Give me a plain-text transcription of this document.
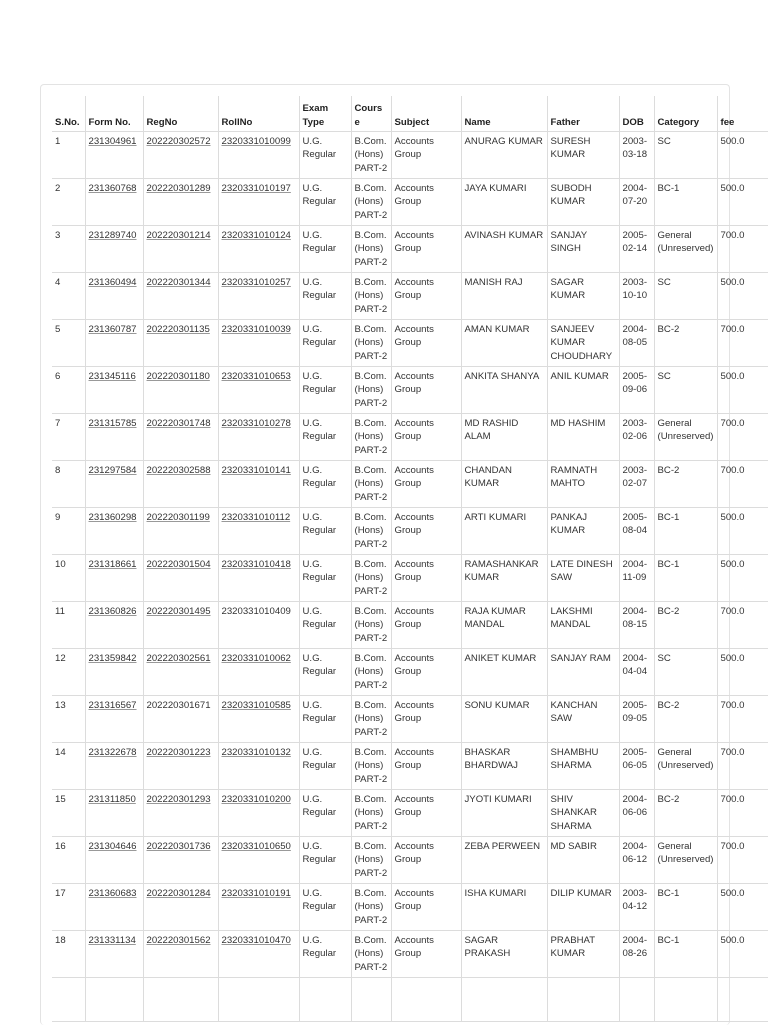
S.No.	Form No.	RegNo	RollNo	Exam Type	Course	Subject	Name	Father	DOB	Category	fee
1	231304961	202220302572	2320331010099	U.G. Regular	B.Com. (Hons) PART-2	Accounts Group	ANURAG KUMAR	SURESH KUMAR	2003-03-18	SC	500.0
2	231360768	202220301289	2320331010197	U.G. Regular	B.Com. (Hons) PART-2	Accounts Group	JAYA KUMARI	SUBODH KUMAR	2004-07-20	BC-1	500.0
3	231289740	202220301214	2320331010124	U.G. Regular	B.Com. (Hons) PART-2	Accounts Group	AVINASH KUMAR	SANJAY SINGH	2005-02-14	General (Unreserved)	700.0
4	231360494	202220301344	2320331010257	U.G. Regular	B.Com. (Hons) PART-2	Accounts Group	MANISH RAJ	SAGAR KUMAR	2003-10-10	SC	500.0
5	231360787	202220301135	2320331010039	U.G. Regular	B.Com. (Hons) PART-2	Accounts Group	AMAN KUMAR	SANJEEV KUMAR CHOUDHARY	2004-08-05	BC-2	700.0
6	231345116	202220301180	2320331010653	U.G. Regular	B.Com. (Hons) PART-2	Accounts Group	ANKITA SHANYA	ANIL KUMAR	2005-09-06	SC	500.0
7	231315785	202220301748	2320331010278	U.G. Regular	B.Com. (Hons) PART-2	Accounts Group	MD RASHID ALAM	MD HASHIM	2003-02-06	General (Unreserved)	700.0
8	231297584	202220302588	2320331010141	U.G. Regular	B.Com. (Hons) PART-2	Accounts Group	CHANDAN KUMAR	RAMNATH MAHTO	2003-02-07	BC-2	700.0
9	231360298	202220301199	2320331010112	U.G. Regular	B.Com. (Hons) PART-2	Accounts Group	ARTI KUMARI	PANKAJ KUMAR	2005-08-04	BC-1	500.0
10	231318661	202220301504	2320331010418	U.G. Regular	B.Com. (Hons) PART-2	Accounts Group	RAMASHANKAR KUMAR	LATE DINESH SAW	2004-11-09	BC-1	500.0
11	231360826	202220301495	2320331010409	U.G. Regular	B.Com. (Hons) PART-2	Accounts Group	RAJA KUMAR MANDAL	LAKSHMI MANDAL	2004-08-15	BC-2	700.0
12	231359842	202220302561	2320331010062	U.G. Regular	B.Com. (Hons) PART-2	Accounts Group	ANIKET KUMAR	SANJAY RAM	2004-04-04	SC	500.0
13	231316567	202220301671	2320331010585	U.G. Regular	B.Com. (Hons) PART-2	Accounts Group	SONU KUMAR	KANCHAN SAW	2005-09-05	BC-2	700.0
14	231322678	202220301223	2320331010132	U.G. Regular	B.Com. (Hons) PART-2	Accounts Group	BHASKAR BHARDWAJ	SHAMBHU SHARMA	2005-06-05	General (Unreserved)	700.0
15	231311850	202220301293	2320331010200	U.G. Regular	B.Com. (Hons) PART-2	Accounts Group	JYOTI KUMARI	SHIV SHANKAR SHARMA	2004-06-06	BC-2	700.0
16	231304646	202220301736	2320331010650	U.G. Regular	B.Com. (Hons) PART-2	Accounts Group	ZEBA PERWEEN	MD SABIR	2004-06-12	General (Unreserved)	700.0
17	231360683	202220301284	2320331010191	U.G. Regular	B.Com. (Hons) PART-2	Accounts Group	ISHA KUMARI	DILIP KUMAR	2003-04-12	BC-1	500.0
18	231331134	202220301562	2320331010470	U.G. Regular	B.Com. (Hons) PART-2	Accounts Group	SAGAR PRAKASH	PRABHAT KUMAR	2004-08-26	BC-1	500.0
